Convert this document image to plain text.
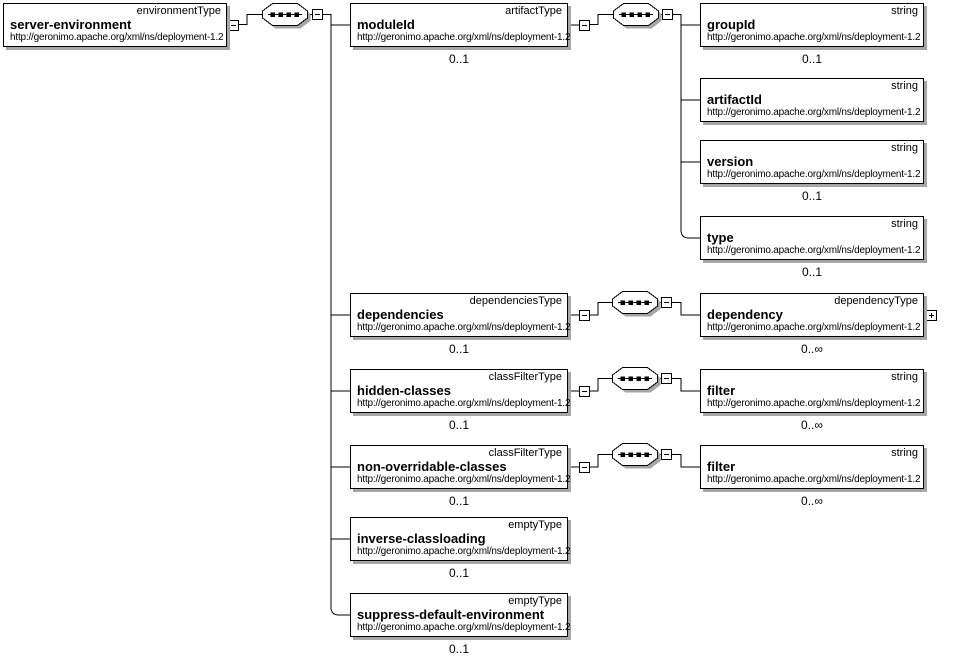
environmentType
server-environment
http://geronimo.apache.org/xml/ns/deployment-1.2
artifactType
moduleId
http://geronimo.apache.org/xml/ns/deployment-1.2
0..1
string
groupId
http://geronimo.apache.org/xml/ns/deployment-1.2
0..1
string
artifactId
http://geronimo.apache.org/xml/ns/deployment-1.2
string
version
http://geronimo.apache.org/xml/ns/deployment-1.2
0..1
string
type
http://geronimo.apache.org/xml/ns/deployment-1.2
0..1
dependenciesType
dependencies
http://geronimo.apache.org/xml/ns/deployment-1.2
0..1
dependencyType
dependency
http://geronimo.apache.org/xml/ns/deployment-1.2
0..∞
classFilterType
hidden-classes
http://geronimo.apache.org/xml/ns/deployment-1.2
0..1
string
filter
http://geronimo.apache.org/xml/ns/deployment-1.2
0..∞
classFilterType
non-overridable-classes
http://geronimo.apache.org/xml/ns/deployment-1.2
0..1
string
filter
http://geronimo.apache.org/xml/ns/deployment-1.2
0..∞
emptyType
inverse-classloading
http://geronimo.apache.org/xml/ns/deployment-1.2
0..1
emptyType
suppress-default-environment
http://geronimo.apache.org/xml/ns/deployment-1.2
0..1
